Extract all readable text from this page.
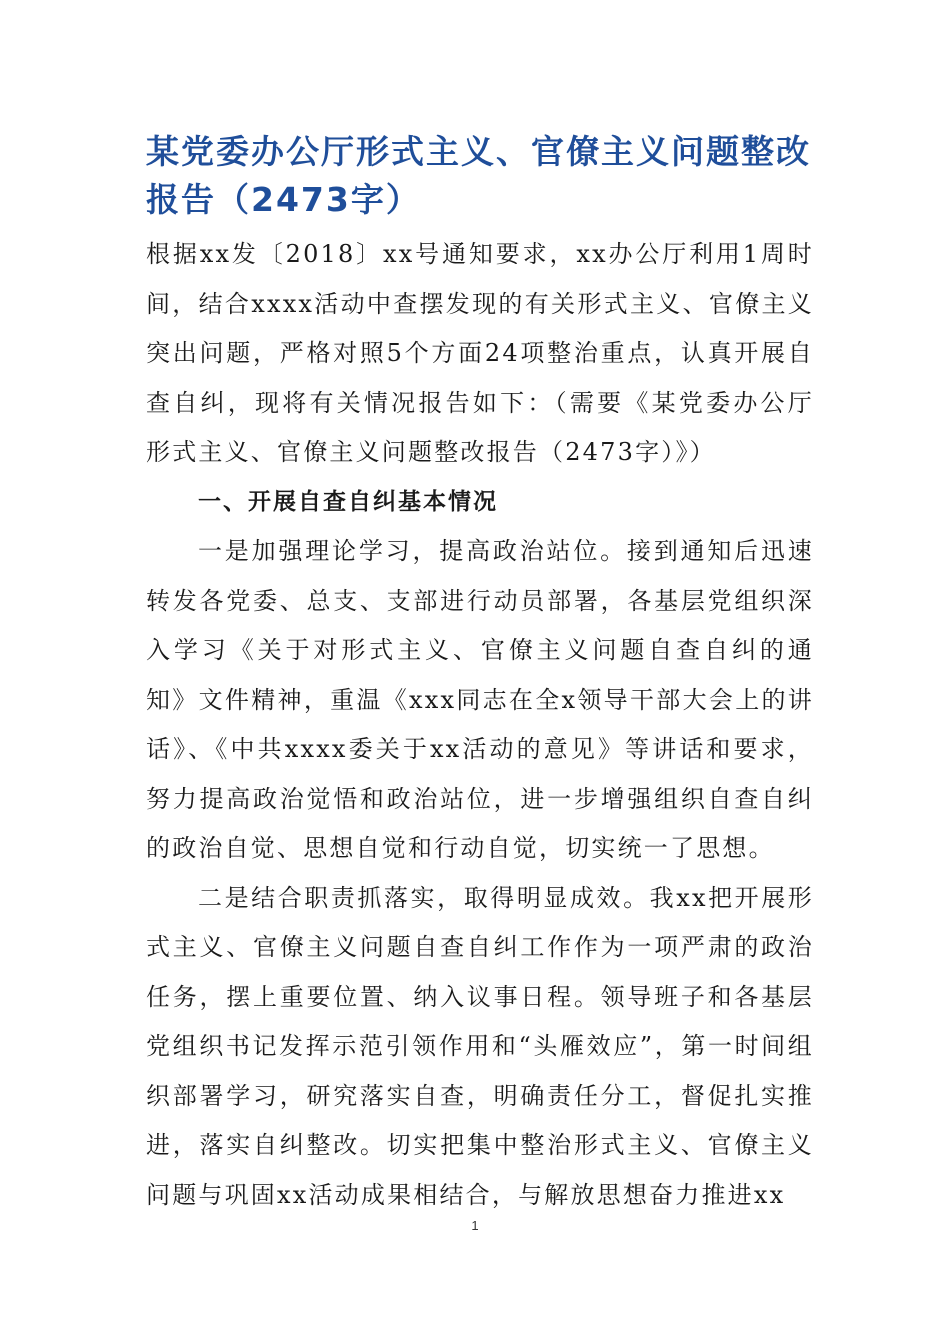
某党委办公厅形式主义、官僚主义问题整改报告（2473字）

根据xx发〔2018〕xx号通知要求，xx办公厅利用1周时间，结合xxxx活动中查摆发现的有关形式主义、官僚主义突出问题，严格对照5个方面24项整治重点，认真开展自查自纠，现将有关情况报告如下：（需要《某党委办公厅形式主义、官僚主义问题整改报告（2473字）》）

一、开展自查自纠基本情况

一是加强理论学习，提高政治站位。接到通知后迅速转发各党委、总支、支部进行动员部署，各基层党组织深入学习《关于对形式主义、官僚主义问题自查自纠的通知》文件精神，重温《xxx同志在全x领导干部大会上的讲话》、《中共xxxx委关于xx活动的意见》等讲话和要求，努力提高政治觉悟和政治站位，进一步增强组织自查自纠的政治自觉、思想自觉和行动自觉，切实统一了思想。

二是结合职责抓落实，取得明显成效。我xx把开展形式主义、官僚主义问题自查自纠工作作为一项严肃的政治任务，摆上重要位置、纳入议事日程。领导班子和各基层党组织书记发挥示范引领作用和“头雁效应”，第一时间组织部署学习，研究落实自查，明确责任分工，督促扎实推进，落实自纠整改。切实把集中整治形式主义、官僚主义问题与巩固xx活动成果相结合，与解放思想奋力推进xx

1
